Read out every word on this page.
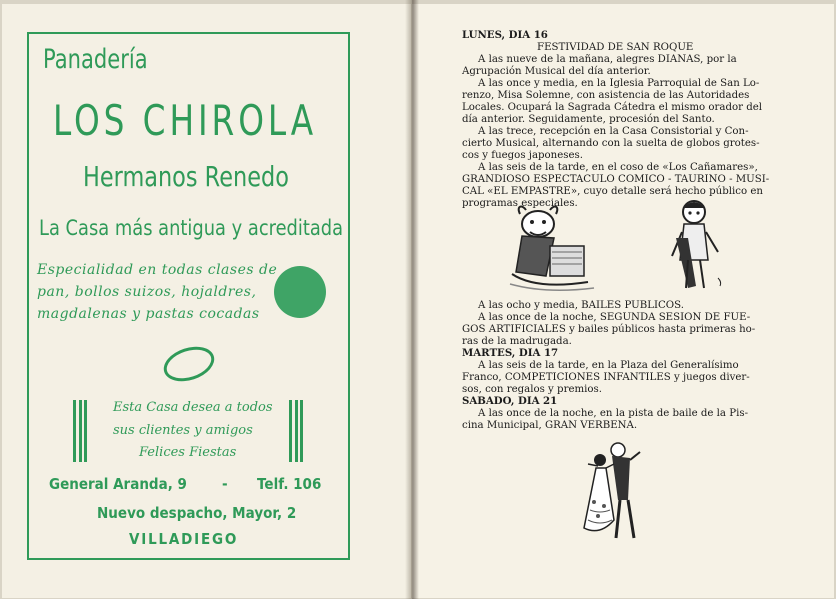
Panadería
LOS CHIROLA
Hermanos Renedo
La Casa más antigua y acreditada
Especialidad en todas clases de
pan, bollos suizos, hojaldres,
magdalenas y pastas cocadas
Esta Casa desea a todos
sus clientes y amigos
Felices Fiestas
General Aranda, 9 - Telf. 106
Nuevo despacho, Mayor, 2
VILLADIEGO
LUNES, DIA 16
FESTIVIDAD DE SAN ROQUE
A las nueve de la mañana, alegres DIANAS, por la
Agrupación Musical del día anterior.
A las once y media, en la Iglesia Parroquial de San Lo-
renzo, Misa Solemne, con asistencia de las Autoridades
Locales. Ocupará la Sagrada Cátedra el mismo orador del
día anterior. Seguidamente, procesión del Santo.
A las trece, recepción en la Casa Consistorial y Con-
cierto Musical, alternando con la suelta de globos grotes-
cos y fuegos japoneses.
A las seis de la tarde, en el coso de «Los Cañamares»,
GRANDIOSO ESPECTACULO COMICO - TAURINO - MUSI-
CAL «EL EMPASTRE», cuyo detalle será hecho público en
programas especiales.
A las ocho y media, BAILES PUBLICOS.
A las once de la noche, SEGUNDA SESION DE FUE-
GOS ARTIFICIALES y bailes públicos hasta primeras ho-
ras de la madrugada.
MARTES, DIA 17
A las seis de la tarde, en la Plaza del Generalísimo
Franco, COMPETICIONES INFANTILES y juegos diver-
sos, con regalos y premios.
SABADO, DIA 21
A las once de la noche, en la pista de baile de la Pis-
cina Municipal, GRAN VERBENA.
